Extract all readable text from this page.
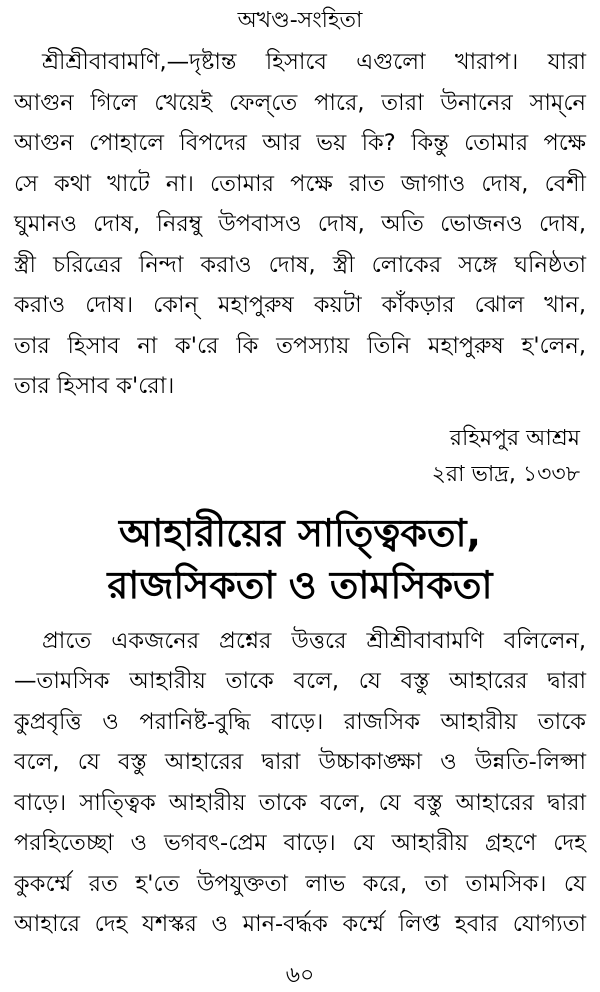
অখণ্ড-সংহিতা

শ্রীশ্রীবাবামণি,—দৃষ্টান্ত হিসাবে এগুলো খারাপ। যারা
আগুন গিলে খেয়েই ফেল্‌তে পারে, তারা উনানের সাম্‌নে
আগুন পোহালে বিপদের আর ভয় কি? কিন্তু তোমার পক্ষে
সে কথা খাটে না। তোমার পক্ষে রাত জাগাও দোষ, বেশী
ঘুমানও দোষ, নিরম্বু উপবাসও দোষ, অতি ভোজনও দোষ,
স্ত্রী চরিত্রের নিন্দা করাও দোষ, স্ত্রী লোকের সঙ্গে ঘনিষ্ঠতা
করাও দোষ। কোন্‌ মহাপুরুষ কয়টা কাঁকড়ার ঝোল খান,
তার হিসাব না ক'রে কি তপস্যায় তিনি মহাপুরুষ হ'লেন,
তার হিসাব ক'রো।

রহিমপুর আশ্রম
২রা ভাদ্র, ১৩৩৮
আহারীয়ের সাত্ত্বিকতা,
রাজসিকতা ও তামসিকতা

প্রাতে একজনের প্রশ্নের উত্তরে শ্রীশ্রীবাবামণি বলিলেন,
—তামসিক আহারীয় তাকে বলে, যে বস্তু আহারের দ্বারা
কুপ্রবৃত্তি ও পরানিষ্ট-বুদ্ধি বাড়ে। রাজসিক আহারীয় তাকে
বলে, যে বস্তু আহারের দ্বারা উচ্চাকাঙ্ক্ষা ও উন্নতি-লিপ্সা
বাড়ে। সাত্ত্বিক আহারীয় তাকে বলে, যে বস্তু আহারের দ্বারা
পরহিতেচ্ছা ও ভগবৎ-প্রেম বাড়ে। যে আহারীয় গ্রহণে দেহ
কুকর্ম্মে রত হ'তে উপযুক্ততা লাভ করে, তা তামসিক। যে
আহারে দেহ যশস্কর ও মান-বর্দ্ধক কর্ম্মে লিপ্ত হবার যোগ্যতা

৬০
